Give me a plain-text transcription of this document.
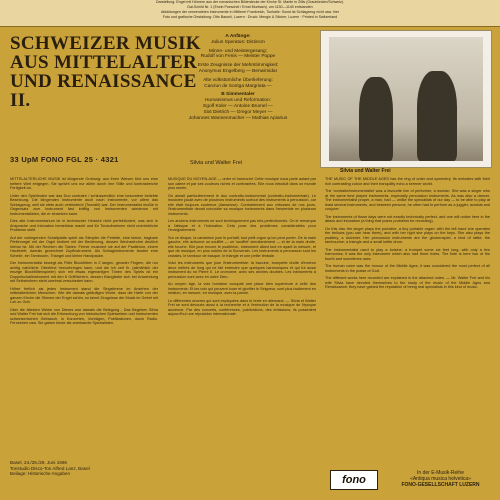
Darstellung: Engel mit Hörnern aus der romanischen Bilderdecke der Kirche St. Martin in Zillis (Graubünden/Schweiz).
Dal-Schild Nr. 1 (Erwin Poeschel / Ernst Murbach), um 1130—1140 entstanden
Abbildungen der verwendeten Instrumente in Mittlerer Frankreich, Tonhalle: Sonst ist Schlagzeug nicht usw. hier
Foto und grafische Gestaltung: Otto Baumli, Luzern · Druck: Mengis & Sticher, Luzern · Printed in Switzerland
SCHWEIZER MUSIK
AUS MITTELALTER
UND RENAISSANCE
II.
33 UpM FONO FGL 25 · 4321
A Anfänge:
Julius Speratus: Distincm
Minne- und Meistergesang:
Rudolf von Fenis — Meister Poppe
Erste Zeugnisse der Mehrstimmigkeit:
Anonymus Engelberg — Benwimidar
Alte volkstümliche Überlieferung:
Canzun de Sontga Margriata —
B Simmentaler
Humanismus und Reformation:
Egolf Koler — Antoine Brumel —
Sixt Dietrich — Gregor Meyer —
Johannes Wannenmacher — Mathias Apiarius
Silvia und Walter Frei
Silvia und Walter Frei

MITTELALTERLICHE MUSIK ist klingende Ordnung: aus ihren Weisen tönt uns eine heitere Welt entgegen. Sie spricht uns nur allein durch ihre Stille und kontrastreiche Fertigkeit an.

Unter den Spielleuten war das Duo contraire / schlussendlich eine besondere beliebte Besetzung. Die klingenden Instrumente auch nach Instrumente, vor allem das Schlagzeug, weil sie stets auch verbindend (Tonzahl) war. Der Instrumentalist mußte in Gegensatz zum Instrument fast kräftig von Instrumenten wiederum mit Instrumentalisten, die er einsetzen kann.

Dies alte Instrumentarium ist in technischer Hinsicht nicht perfektioniert, was sich in Ansprache und Intonation bemerkbar macht und für Tonaufnahmen nicht unerhebliche Probleme stellt.

Auf der vorliegenden Schallplatte spielt als Stimpfer die Perlette, eine kleine, tragbare Pfeifenorgel mit der Orgel bedient mit der Bedienung, dessen Wechselrohre deutlich hörbar ist. Mit der Rechten die Tasten. Ferner musiziert sie auf der Psalterion, einem Hackbrett, damals gezeichnet Zupfinstrument. Als Schlaginstrumente fanden eine Schelle, ein Tambourin, Triangel und kleine Handpauke.

Der Instrumentalist bewegt als Flöte Blockflöten in 2 langen, gerader Fingern, die nur achtig natürliche Obertöne hervorbringen kann, und die ich zeit Ih. (allmählich der einzige Blockflötenspieler) sich mit etwas eigenartigen Tönen des Spiels ist ein Doppelschallinstrument mit den 6 Griffölchern, dessen Klangfarbe sich bei Anwendung mit Selbstrohren steht zweimal verschieden kann.

Höher freilich als jedes Instrument stand die Singstimme im Ansehen der mittelalterlichen Menschen. Wie die damals geläufigen Worte, dass die Harfe von der ganzen Kirche die Stimme der Engel schön, so kennt Zeugnisse der Musik im Gebet mit Lob zu Gott.

Über die ältesten Werke von Dieses war damals die Belegung - Das Begehen Silvia und Walter Frei hat sich die Erforschung von historischen Spielweisen und Instrumenten schweizerischen Gebrauch, in Konzerten, Vorträgen, Publikationen, durch Radio, Fernsehen usw. Sie gaben heute als anerkannte Spezialisten.

MUSIQUE DU MOYEN-AGE — ordre et harmonie! Cette musique nous parle autant par son calme et par ses couleurs riches et contrastées. Elle nous introduit dans un monde plus serein.

On aimait particulièrement le duo contralto-instrumental (contralto-instrumentale). Le musicien jouait avec de plusieurs instruments surtout des instruments à percussion, car elle était toujours soutenue (danseuse). Contrairement aux virtuoses de nos jours, l'instrumentiste devait connaître sa musique instruments dans l'ensemble en plusieurs instruments.

Les anciens instruments ne sont techniquement pas très perfectionnés. On le remarque à l'attaque et à l'intonation. Cela pose des problèmes considérables pour l'enregistrement.

Sur ce disque, la cantatrice joue le portatif, tout petit orgue qu'on peut porter. De la main gauche, elle actionne un soufflet — un 'soufflet' simultanément — et de la main droite, elle touche. Elle joue encore le psaltérion, instrument allant tout en ayant la mesure, et que de musique, en plus nobles de la Souverain. Les instruments à percussion sont les crotales, le tambour de basque, le triangle et une petite timbale.

Voici les instruments que joue l'instrumentiste: la baccine, trompette droite d'environ deux mètres de long qui ne fait entendre que quelques harmoniques et qui fut aussi instrument du roi Pierre II. Le cromorne, avec ses anches doubles. Les instruments à percussion sont avec en outre Dieu.

Au moyen âge, la voix humaine occupait une place bien supérieure à celle des instruments. Et les voix qui peuvent louer et glorifier le Seigneur, sont plus facilement en relation, en mesure, en musique, avec la parole.

Le différentes œuvres qui sont expliquées dans le texte en allemand. — Silvia et Walter Frei se sont dévoués aussi à la recherche et à l'exécution de la musique de l'époque ancienne. Par des concerts, conférences, publications, des émissions, ils possèdent aujourd'hui une réputation internationale.

THE MUSIC OF THE MIDDLE AGES has the ring of order and symmetry. Its melodies with their rich contrasting colour and their tranquility echo a serener world.

The 'contralto/instrumentalist' was a favourite line of performer, a woman. She was a singer who at the same time played instruments, especially percussion instruments. As was also a dancer. The instrumentalist proper, a man, had — unlike the specialists of our day — to be able to play at least several instruments, and between persons, he often had to perform as a juggler, acrobat and conjurer.

The instruments of those days were not exactly technically perfect, and one will notice here in the attack and intonation (a thing that poses problems for recording).

On this disc the singer plays the portative, a tiny portable organ: with the left hand she operates the bellows (you can hear them), and with her right she plays on the keys. She also plays the psaltery, a dulcimer. Her percussion instruments are the glockenspiel, a kind of rattle; the tambourine; a triangle and a small kettle drum.

The instrumentalist used to play a buisine, a trumpet some six feet long, with only a few harmonics; it was the only instrument which also had three holes. The flute is here two of the fourth and sometimes uses.

The human voice was the honour of the Middle Ages; it was considered the most perfect of all instruments in the praise of God.

The different works here recorded are explained in the attached notes. — Mr. Walter Frei and his wife Silvia have devoted themselves to the study of the music of the Middle Ages and Renaissance; they have gained the reputation of being real specialists in this kind of music.

Basel, 24./25./29. Juni 1966
Tonstudio Disco-Ton Alfred Lanz, Basel
Beilage: Historische Angaben
fono
In der E-Musik-Reihe
«Antiqua musica helvetica»
FONO-GESELLSCHAFT LUZERN
